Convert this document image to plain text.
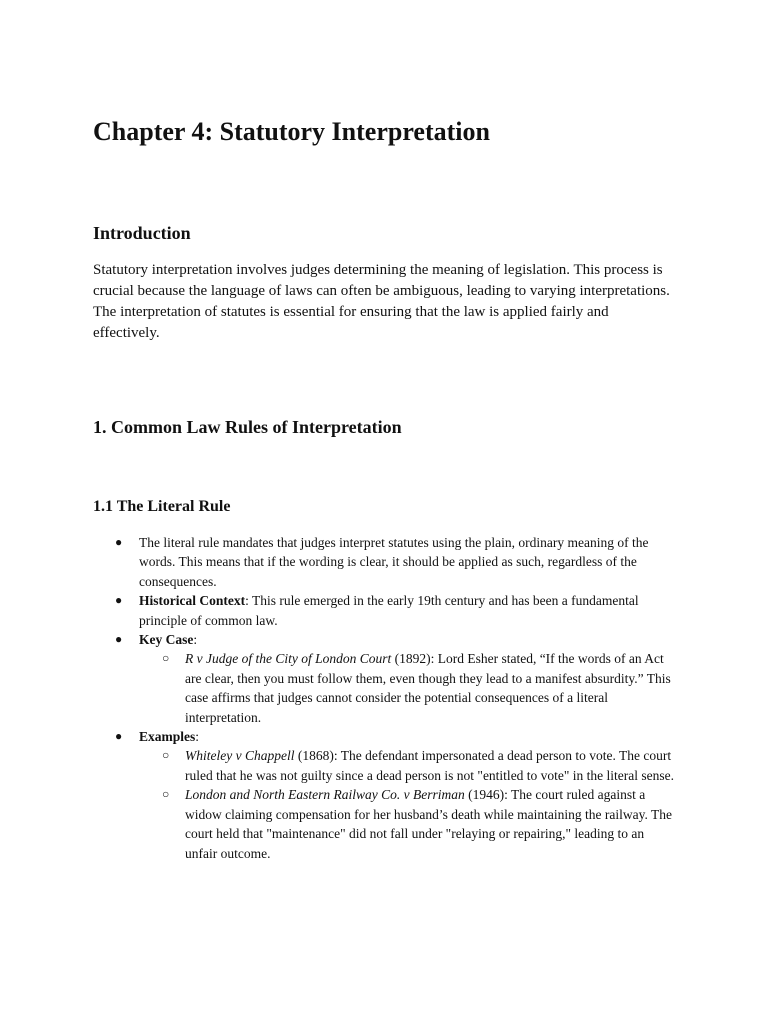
Chapter 4: Statutory Interpretation
Introduction

Statutory interpretation involves judges determining the meaning of legislation. This process is crucial because the language of laws can often be ambiguous, leading to varying interpretations. The interpretation of statutes is essential for ensuring that the law is applied fairly and effectively.

1. Common Law Rules of Interpretation
1.1 The Literal Rule
● The literal rule mandates that judges interpret statutes using the plain, ordinary meaning of the words. This means that if the wording is clear, it should be applied as such, regardless of the consequences.
● Historical Context: This rule emerged in the early 19th century and has been a fundamental principle of common law.
● Key Case:
○ R v Judge of the City of London Court (1892): Lord Esher stated, “If the words of an Act are clear, then you must follow them, even though they lead to a manifest absurdity.” This case affirms that judges cannot consider the potential consequences of a literal interpretation.
● Examples:
○ Whiteley v Chappell (1868): The defendant impersonated a dead person to vote. The court ruled that he was not guilty since a dead person is not "entitled to vote" in the literal sense.
○ London and North Eastern Railway Co. v Berriman (1946): The court ruled against a widow claiming compensation for her husband’s death while maintaining the railway. The court held that "maintenance" did not fall under "relaying or repairing," leading to an unfair outcome.
